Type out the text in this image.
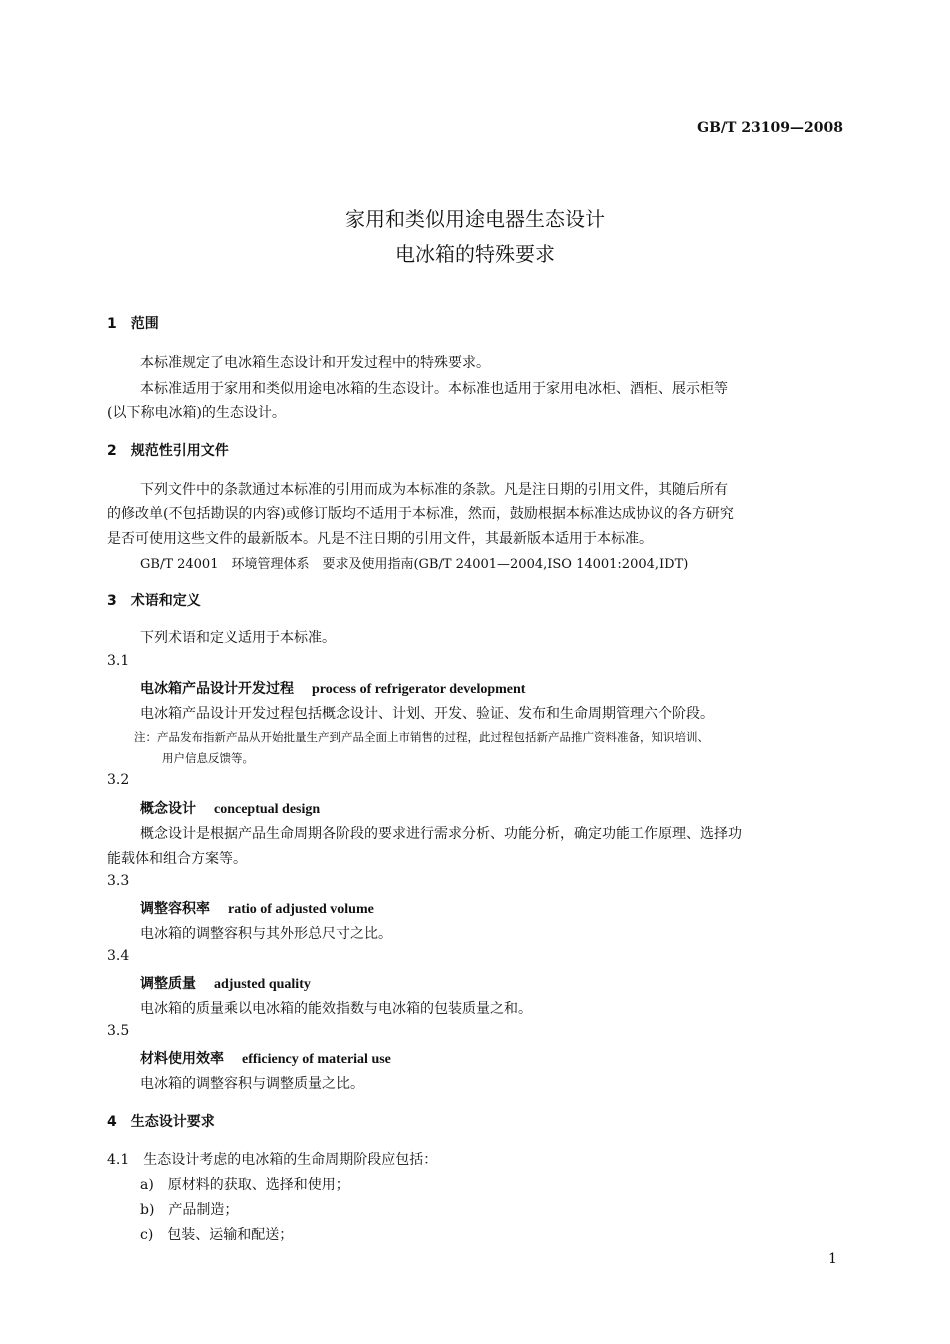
GB/T 23109—2008
家用和类似用途电器生态设计
电冰箱的特殊要求
1　范围
本标准规定了电冰箱生态设计和开发过程中的特殊要求。
本标准适用于家用和类似用途电冰箱的生态设计。本标准也适用于家用电冰柜、酒柜、展示柜等
(以下称电冰箱)的生态设计。
2　规范性引用文件
下列文件中的条款通过本标准的引用而成为本标准的条款。凡是注日期的引用文件，其随后所有
的修改单(不包括勘误的内容)或修订版均不适用于本标准，然而，鼓励根据本标准达成协议的各方研究
是否可使用这些文件的最新版本。凡是不注日期的引用文件，其最新版本适用于本标准。
GB/T 24001　环境管理体系　要求及使用指南(GB/T 24001—2004,ISO 14001:2004,IDT)
3　术语和定义
下列术语和定义适用于本标准。
3.1
电冰箱产品设计开发过程 process of refrigerator development
电冰箱产品设计开发过程包括概念设计、计划、开发、验证、发布和生命周期管理六个阶段。
注：产品发布指新产品从开始批量生产到产品全面上市销售的过程，此过程包括新产品推广资料准备，知识培训、
用户信息反馈等。
3.2
概念设计 conceptual design
概念设计是根据产品生命周期各阶段的要求进行需求分析、功能分析，确定功能工作原理、选择功
能载体和组合方案等。
3.3
调整容积率 ratio of adjusted volume
电冰箱的调整容积与其外形总尺寸之比。
3.4
调整质量 adjusted quality
电冰箱的质量乘以电冰箱的能效指数与电冰箱的包装质量之和。
3.5
材料使用效率 efficiency of material use
电冰箱的调整容积与调整质量之比。
4　生态设计要求
4.1　生态设计考虑的电冰箱的生命周期阶段应包括：
a)　原材料的获取、选择和使用；
b)　产品制造；
c)　包装、运输和配送；
1
